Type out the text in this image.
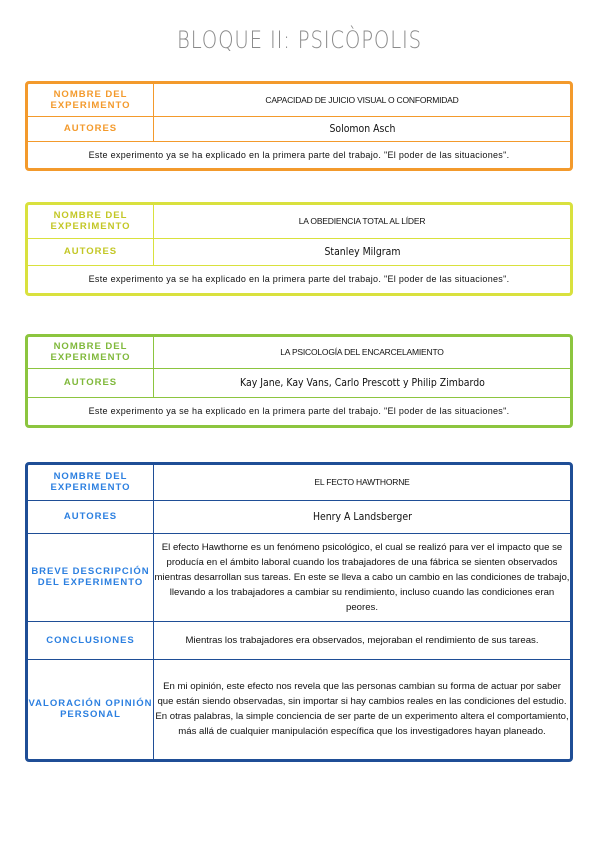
BLOQUE II: PSICÒPOLIS
NOMBRE DEL EXPERIMENTO	CAPACIDAD DE JUICIO VISUAL O CONFORMIDAD
AUTORES	Solomon Asch
Este experimento ya se ha explicado en la primera parte del trabajo. "El poder de las situaciones".	
NOMBRE DEL EXPERIMENTO	LA OBEDIENCIA TOTAL AL LÍDER
AUTORES	Stanley Milgram
Este experimento ya se ha explicado en la primera parte del trabajo. "El poder de las situaciones".	
NOMBRE DEL EXPERIMENTO	LA PSICOLOGÍA DEL ENCARCELAMIENTO
AUTORES	Kay Jane, Kay Vans, Carlo Prescott y Philip Zimbardo
Este experimento ya se ha explicado en la primera parte del trabajo. "El poder de las situaciones".	
NOMBRE DEL EXPERIMENTO	EL FECTO HAWTHORNE
AUTORES	Henry A Landsberger
BREVE DESCRIPCIÓN DEL EXPERIMENTO	El efecto Hawthorne es un fenómeno psicológico, el cual se realizó para ver el impacto que se producía en el ámbito laboral cuando los trabajadores de una fábrica se sienten observados mientras desarrollan sus tareas. En este se lleva a cabo un cambio en las condiciones de trabajo, llevando a los trabajadores a cambiar su rendimiento, incluso cuando las condiciones eran peores.
CONCLUSIONES	Mientras los trabajadores era observados, mejoraban el rendimiento de sus tareas.
VALORACIÓN OPINIÓN PERSONAL	En mi opinión, este efecto nos revela que las personas cambian su forma de actuar por saber que están siendo observadas, sin importar si hay cambios reales en las condiciones del estudio. En otras palabras, la simple conciencia de ser parte de un experimento altera el comportamiento, más allá de cualquier manipulación específica que los investigadores hayan planeado.
